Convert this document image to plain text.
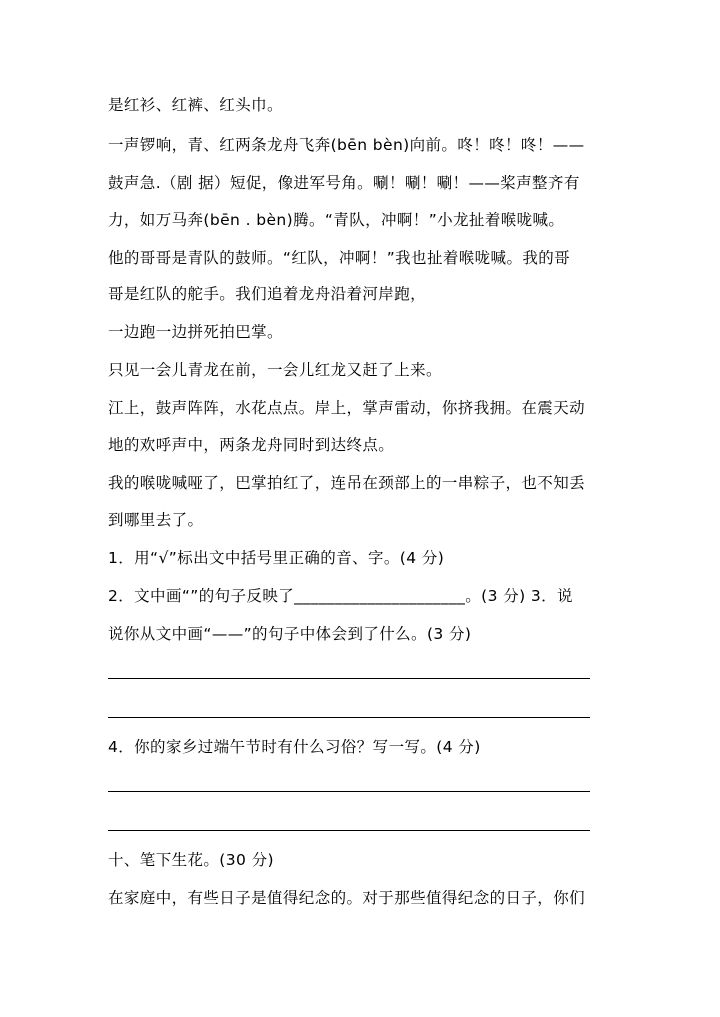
是红衫、红裤、红头巾。
一声锣响，青、红两条龙舟飞奔(bēn bèn)向前。咚！咚！咚！——
鼓声急.（剧 据）短促，像进军号角。唰！唰！唰！——桨声整齐有
力，如万马奔(bēn . bèn)腾。“青队，冲啊！”小龙扯着喉咙喊。
他的哥哥是青队的鼓师。“红队，冲啊！”我也扯着喉咙喊。我的哥
哥是红队的舵手。我们追着龙舟沿着河岸跑，
一边跑一边拼死拍巴掌。
只见一会儿青龙在前，一会儿红龙又赶了上来。
江上，鼓声阵阵，水花点点。岸上，掌声雷动，你挤我拥。在震天动
地的欢呼声中，两条龙舟同时到达终点。
我的喉咙喊哑了，巴掌拍红了，连吊在颈部上的一串粽子，也不知丢
到哪里去了。
1．用“√”标出文中括号里正确的音、字。(4 分)
2．文中画“”的句子反映了_____________________。(3 分) 3．说
说你从文中画“——”的句子中体会到了什么。(3 分)
4．你的家乡过端午节时有什么习俗？写一写。(4 分)
十、笔下生花。(30 分)
在家庭中，有些日子是值得纪念的。对于那些值得纪念的日子，你们
